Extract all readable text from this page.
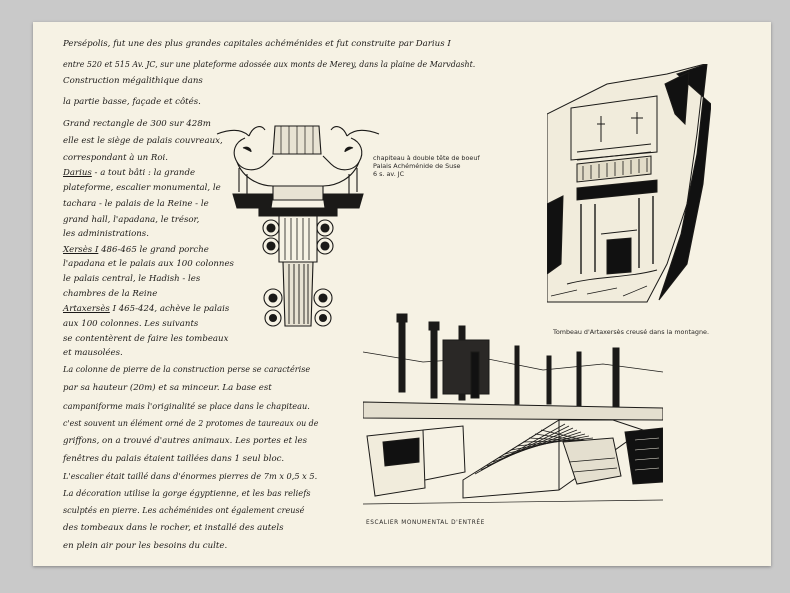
Persépolis, fut une des plus grandes capitales achéménides et fut construite par Darius I
entre 520 et 515 Av. JC, sur une plateforme adossée aux monts de Merey, dans la plaine de Marvdasht.
Construction mégalithique dans
la partie basse, façade et côtés.
Grand rectangle de 300 sur 428m
elle est le siège de palais couvreaux,
correspondant à un Roi.
Darius - a tout bâti : la grande
plateforme, escalier monumental, le
tachara - le palais de la Reine - le
grand hall, l'apadana, le trésor,
les administrations.
Xersès I 486-465 le grand porche
l'apadana et le palais aux 100 colonnes
le palais central, le Hadish - les
chambres de la Reine
Artaxersès I 465-424, achève le palais
aux 100 colonnes. Les suivants
se contentèrent de faire les tombeaux
et mausolées.
La colonne de pierre de la construction perse se caractérise
par sa hauteur (20m) et sa minceur. La base est
campaniforme mais l'originalité se place dans le chapiteau.
c'est souvent un élément orné de 2 protomes de taureaux ou de
griffons, on a trouvé d'autres animaux. Les portes et les
fenêtres du palais étaient taillées dans 1 seul bloc.
L'escalier était taillé dans d'énormes pierres de 7m x 0,5 x 5.
La décoration utilise la gorge égyptienne, et les bas reliefs
sculptés en pierre. Les achéménides ont également creusé
des tombeaux dans le rocher, et installé des autels
en plein air pour les besoins du culte.
chapiteau à double tête de boeuf
Palais Achéménide de Suse
6 s. av. JC
Tombeau d'Artaxersès creusé dans la montagne.
ESCALIER MONUMENTAL D'ENTRÉE
